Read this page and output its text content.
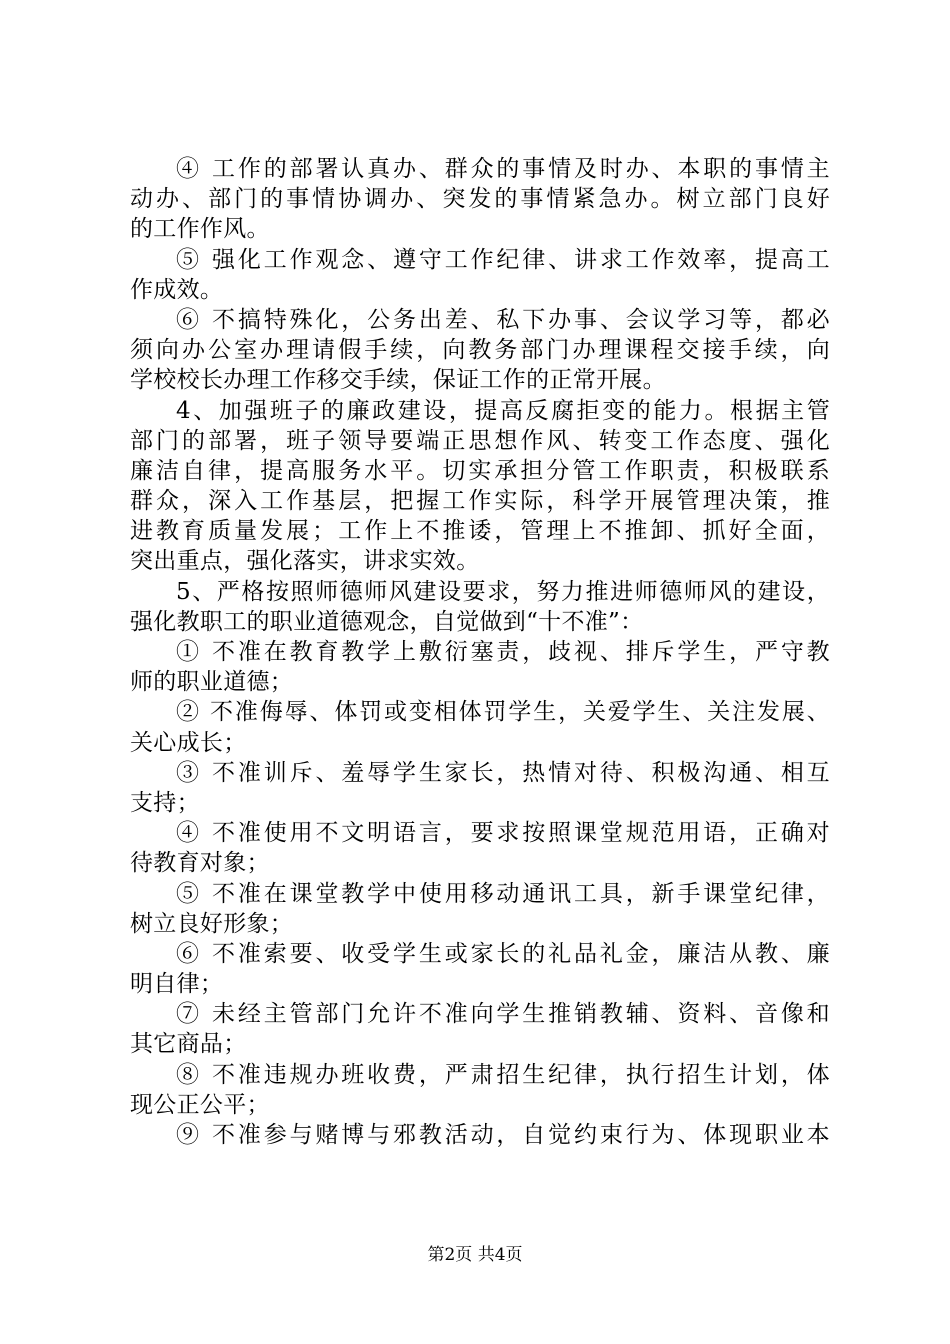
④ 工作的部署认真办、群众的事情及时办、本职的事情主
动办、部门的事情协调办、突发的事情紧急办。树立部门良好
的工作作风。
⑤ 强化工作观念、遵守工作纪律、讲求工作效率，提高工
作成效。
⑥ 不搞特殊化，公务出差、私下办事、会议学习等，都必
须向办公室办理请假手续，向教务部门办理课程交接手续，向
学校校长办理工作移交手续，保证工作的正常开展。
4、加强班子的廉政建设，提高反腐拒变的能力。根据主管
部门的部署，班子领导要端正思想作风、转变工作态度、强化
廉洁自律，提高服务水平。切实承担分管工作职责，积极联系
群众，深入工作基层，把握工作实际，科学开展管理决策，推
进教育质量发展；工作上不推诿，管理上不推卸、抓好全面，
突出重点，强化落实，讲求实效。
5、严格按照师德师风建设要求，努力推进师德师风的建设，
强化教职工的职业道德观念，自觉做到“十不准”：
① 不准在教育教学上敷衍塞责，歧视、排斥学生，严守教
师的职业道德；
② 不准侮辱、体罚或变相体罚学生，关爱学生、关注发展、
关心成长；
③ 不准训斥、羞辱学生家长，热情对待、积极沟通、相互
支持；
④ 不准使用不文明语言，要求按照课堂规范用语，正确对
待教育对象；
⑤ 不准在课堂教学中使用移动通讯工具，新手课堂纪律，
树立良好形象；
⑥ 不准索要、收受学生或家长的礼品礼金，廉洁从教、廉
明自律；
⑦ 未经主管部门允许不准向学生推销教辅、资料、音像和
其它商品；
⑧ 不准违规办班收费，严肃招生纪律，执行招生计划，体
现公正公平；
⑨ 不准参与赌博与邪教活动，自觉约束行为、体现职业本
第2页 共4页
